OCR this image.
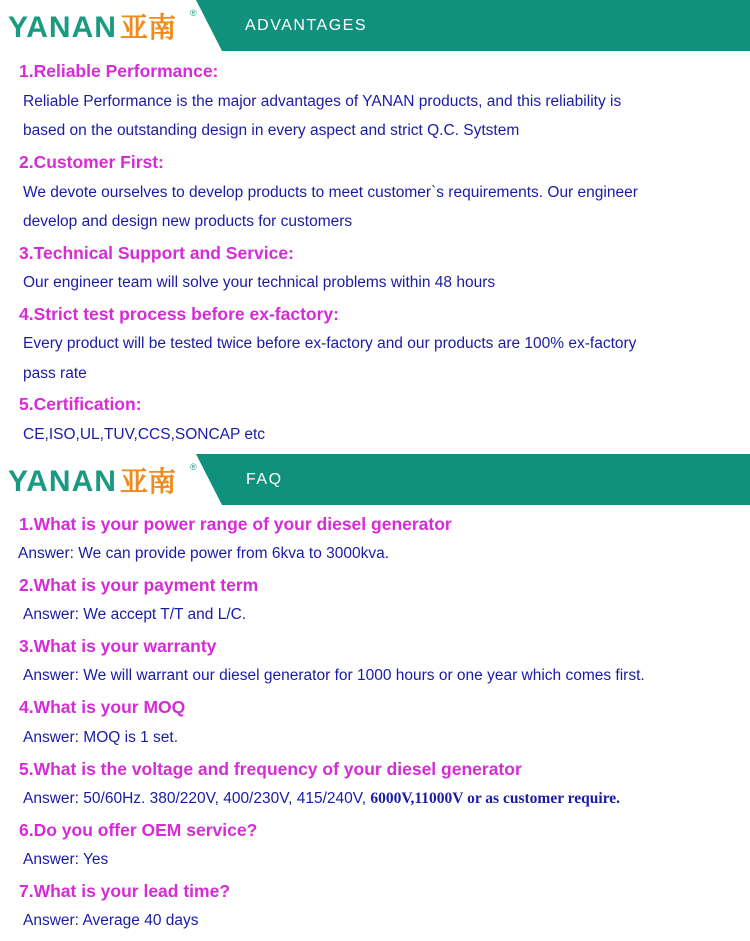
YANAN 亚南 ®
ADVANTAGES
1.Reliable Performance:
Reliable Performance is the major advantages of YANAN products, and this reliability is
based on the outstanding design in every aspect and strict Q.C. Sytstem
2.Customer First:
We devote ourselves to develop products to meet customer`s requirements. Our engineer
develop and design new products for customers
3.Technical Support and Service:
Our engineer team will solve your technical problems within 48 hours
4.Strict test process before ex-factory:
Every product will be tested twice before ex-factory and our products are 100% ex-factory
pass rate
5.Certification:
CE,ISO,UL,TUV,CCS,SONCAP etc
YANAN 亚南 ®
FAQ
1.What is your power range of your diesel generator
Answer: We can provide power from 6kva to 3000kva.
2.What is your payment term
Answer: We accept T/T and L/C.
3.What is your warranty
Answer: We will warrant our diesel generator for 1000 hours or one year which comes first.
4.What is your MOQ
Answer: MOQ is 1 set.
5.What is the voltage and frequency of your diesel generator
Answer: 50/60Hz. 380/220V, 400/230V, 415/240V, 6000V,11000V or as customer require.
6.Do you offer OEM service?
Answer: Yes
7.What is your lead time?
Answer: Average 40 days
